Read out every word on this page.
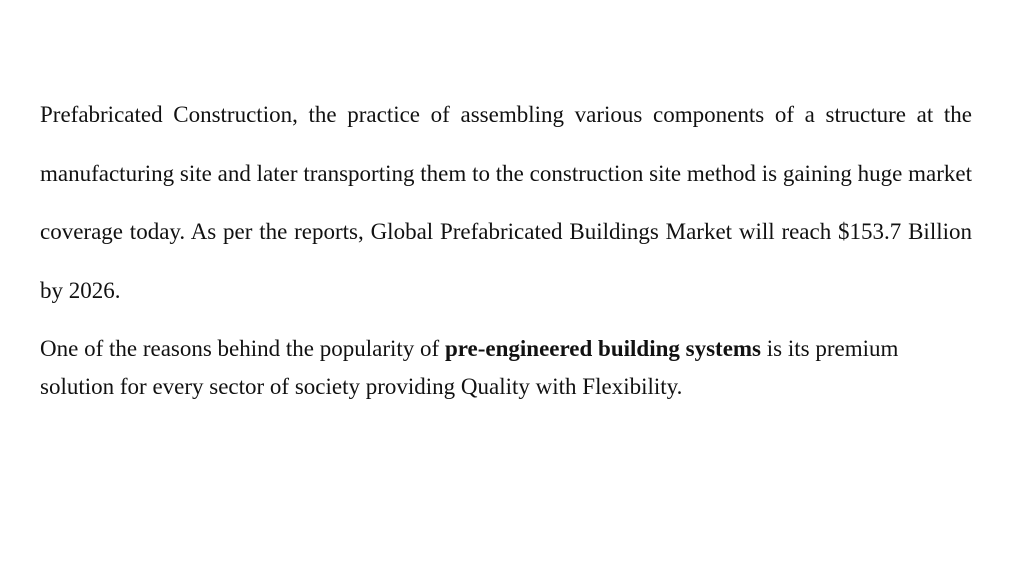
Prefabricated Construction, the practice of assembling various components of a structure at the manufacturing site and later transporting them to the construction site method is gaining huge market coverage today. As per the reports, Global Prefabricated Buildings Market will reach $153.7 Billion by 2026.

One of the reasons behind the popularity of pre-engineered building systems is its premium solution for every sector of society providing Quality with Flexibility.
